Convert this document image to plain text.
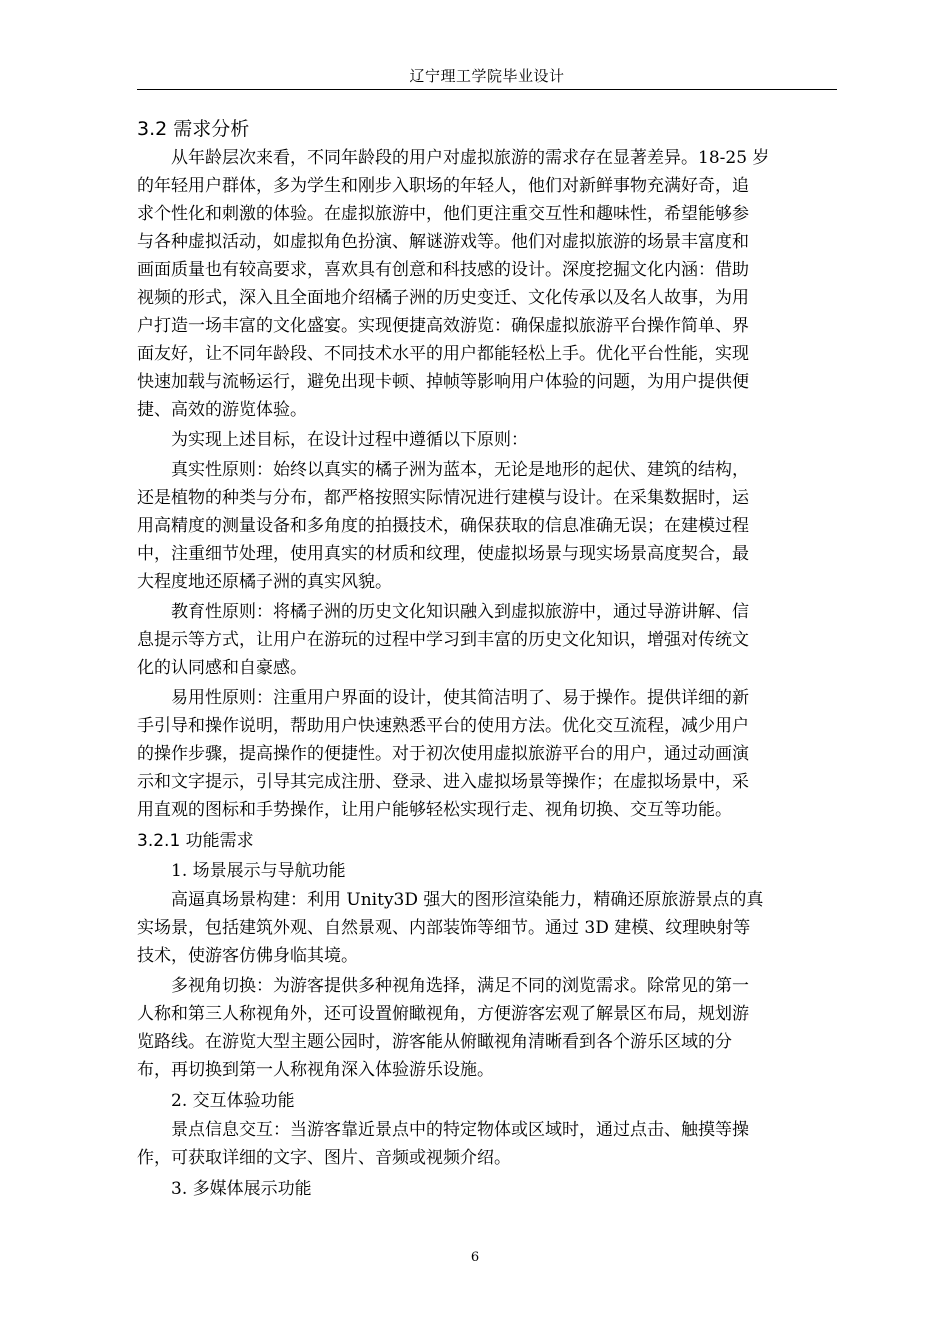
辽宁理工学院毕业设计
3.2 需求分析
从年龄层次来看，不同年龄段的用户对虚拟旅游的需求存在显著差异。18-25 岁
的年轻用户群体，多为学生和刚步入职场的年轻人，他们对新鲜事物充满好奇，追
求个性化和刺激的体验。在虚拟旅游中，他们更注重交互性和趣味性，希望能够参
与各种虚拟活动，如虚拟角色扮演、解谜游戏等。他们对虚拟旅游的场景丰富度和
画面质量也有较高要求，喜欢具有创意和科技感的设计。深度挖掘文化内涵：借助
视频的形式，深入且全面地介绍橘子洲的历史变迁、文化传承以及名人故事，为用
户打造一场丰富的文化盛宴。实现便捷高效游览：确保虚拟旅游平台操作简单、界
面友好，让不同年龄段、不同技术水平的用户都能轻松上手。优化平台性能，实现
快速加载与流畅运行，避免出现卡顿、掉帧等影响用户体验的问题，为用户提供便
捷、高效的游览体验。
为实现上述目标，在设计过程中遵循以下原则：
真实性原则：始终以真实的橘子洲为蓝本，无论是地形的起伏、建筑的结构，
还是植物的种类与分布，都严格按照实际情况进行建模与设计。在采集数据时，运
用高精度的测量设备和多角度的拍摄技术，确保获取的信息准确无误；在建模过程
中，注重细节处理，使用真实的材质和纹理，使虚拟场景与现实场景高度契合，最
大程度地还原橘子洲的真实风貌。
教育性原则：将橘子洲的历史文化知识融入到虚拟旅游中，通过导游讲解、信
息提示等方式，让用户在游玩的过程中学习到丰富的历史文化知识，增强对传统文
化的认同感和自豪感。
易用性原则：注重用户界面的设计，使其简洁明了、易于操作。提供详细的新
手引导和操作说明，帮助用户快速熟悉平台的使用方法。优化交互流程，减少用户
的操作步骤，提高操作的便捷性。对于初次使用虚拟旅游平台的用户，通过动画演
示和文字提示，引导其完成注册、登录、进入虚拟场景等操作；在虚拟场景中，采
用直观的图标和手势操作，让用户能够轻松实现行走、视角切换、交互等功能。
3.2.1 功能需求
1. 场景展示与导航功能
高逼真场景构建：利用 Unity3D 强大的图形渲染能力，精确还原旅游景点的真
实场景，包括建筑外观、自然景观、内部装饰等细节。通过 3D 建模、纹理映射等
技术，使游客仿佛身临其境。
多视角切换：为游客提供多种视角选择，满足不同的浏览需求。除常见的第一
人称和第三人称视角外，还可设置俯瞰视角，方便游客宏观了解景区布局，规划游
览路线。在游览大型主题公园时，游客能从俯瞰视角清晰看到各个游乐区域的分
布，再切换到第一人称视角深入体验游乐设施。
2. 交互体验功能
景点信息交互：当游客靠近景点中的特定物体或区域时，通过点击、触摸等操
作，可获取详细的文字、图片、音频或视频介绍。
3. 多媒体展示功能
6
